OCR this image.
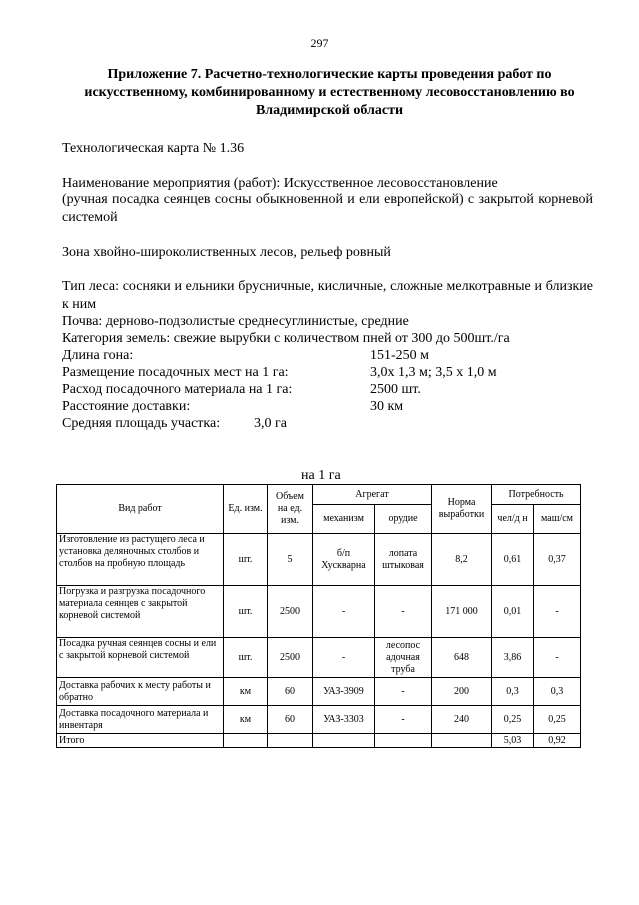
297
Приложение 7. Расчетно-технологические карты проведения работ по искусственному, комбинированному и естественному лесовосстановлению во Владимирской области
Технологическая карта № 1.36
Наименование мероприятия (работ): Искусственное лесовосстановление
(ручная посадка сеянцев сосны обыкновенной и ели европейской) с закрытой корневой системой
Зона хвойно-широколиственных лесов, рельеф ровный
Тип леса: сосняки и ельники брусничные, кисличные, сложные мелкотравные и близкие к ним
Почва: дерново-подзолистые среднесуглинистые, средние
Категория земель: свежие вырубки с количеством пней от 300 до 500шт./га
Длина гона:	151-250 м
Размещение посадочных мест на 1 га:	3,0х 1,3 м; 3,5 х 1,0 м
Расход посадочного материала на 1 га:	2500 шт.
Расстояние доставки:	30 км
Средняя площадь участка: 3,0 га
на 1 га
Вид работ	Ед. изм.	Объем на ед. изм.	Агрегат		Норма выработки	Потребность	
			механизм	орудие		чел/д н	маш/см
Изготовление из растущего леса и установка деляночных столбов и столбов на пробную площадь	шт.	5	б/п Хускварна	лопата штыковая	8,2	0,61	0,37
Погрузка и разгрузка посадочного материала сеянцев с закрытой корневой системой	шт.	2500	-	-	171 000	0,01	-
Посадка ручная сеянцев сосны и ели с закрытой корневой системой	шт.	2500	-	лесопос адочная труба	648	3,86	-
Доставка рабочих к месту работы и обратно	км	60	УАЗ-3909	-	200	0,3	0,3
Доставка посадочного материала и инвентаря	км	60	УАЗ-3303	-	240	0,25	0,25
Итого						5,03	0,92
